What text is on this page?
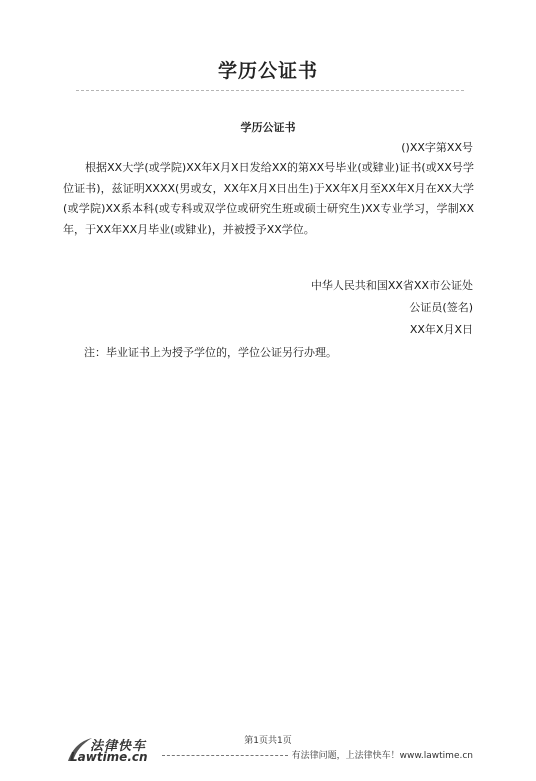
学历公证书
学历公证书
()XX字第XX号

根据XX大学(或学院)XX年X月X日发给XX的第XX号毕业(或肄业)证书(或XX号学位证书)，兹证明XXXX(男或女，XX年X月X日出生)于XX年X月至XX年X月在XX大学(或学院)XX系本科(或专科或双学位或研究生班或硕士研究生)XX专业学习，学制XX年，于XX年XX月毕业(或肄业)，并被授予XX学位。

中华人民共和国XX省XX市公证处
公证员(签名)
XX年X月X日
注：毕业证书上为授予学位的，学位公证另行办理。
第1页共1页
法律快车
Lawtime.cn	有法律问题，上法律快车！www.lawtime.cn
